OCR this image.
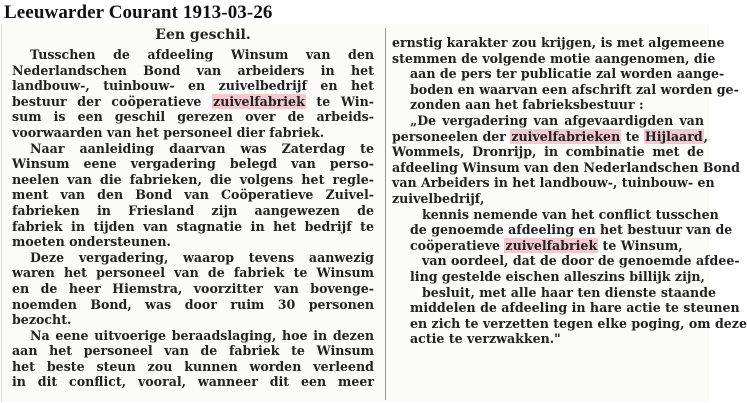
Leeuwarder Courant 1913-03-26
Een geschil.
Tusschen de afdeeling Winsum van den
Nederlandschen Bond van arbeiders in het
landbouw-, tuinbouw- en zuivelbedrijf en het
bestuur der coöperatieve zuivelfabriek te Win-
sum is een geschil gerezen over de arbeids-
voorwaarden van het personeel dier fabriek.
Naar aanleiding daarvan was Zaterdag te
Winsum eene vergadering belegd van perso-
neelen van die fabrieken, die volgens het regle-
ment van den Bond van Coöperatieve Zuivel-
fabrieken in Friesland zijn aangewezen de
fabriek in tijden van stagnatie in het bedrijf te
moeten ondersteunen.
Deze vergadering, waarop tevens aanwezig
waren het personeel van de fabriek te Winsum
en de heer Hiemstra, voorzitter van bovenge-
noemden Bond, was door ruim 30 personen
bezocht.
Na eene uitvoerige beraadslaging, hoe in dezen
aan het personeel van de fabriek te Winsum
het beste steun zou kunnen worden verleend
in dit conflict, vooral, wanneer dit een meer
ernstig karakter zou krijgen, is met algemeene
stemmen de volgende motie aangenomen, die
aan de pers ter publicatie zal worden aange-
boden en waarvan een afschrift zal worden ge-
zonden aan het fabrieksbestuur :
„De vergadering van afgevaardigden van
personeelen der zuivelfabrieken te Hijlaard,
Wommels, Dronrijp, in combinatie met de
afdeeling Winsum van den Nederlandschen Bond
van Arbeiders in het landbouw-, tuinbouw- en
zuivelbedrijf,
kennis nemende van het conflict tusschen
de genoemde afdeeling en het bestuur van de
coöperatieve zuivelfabriek te Winsum,
van oordeel, dat de door de genoemde afdee-
ling gestelde eischen alleszins billijk zijn,
besluit, met alle haar ten dienste staande
middelen de afdeeling in hare actie te steunen
en zich te verzetten tegen elke poging, om deze
actie te verzwakken."
